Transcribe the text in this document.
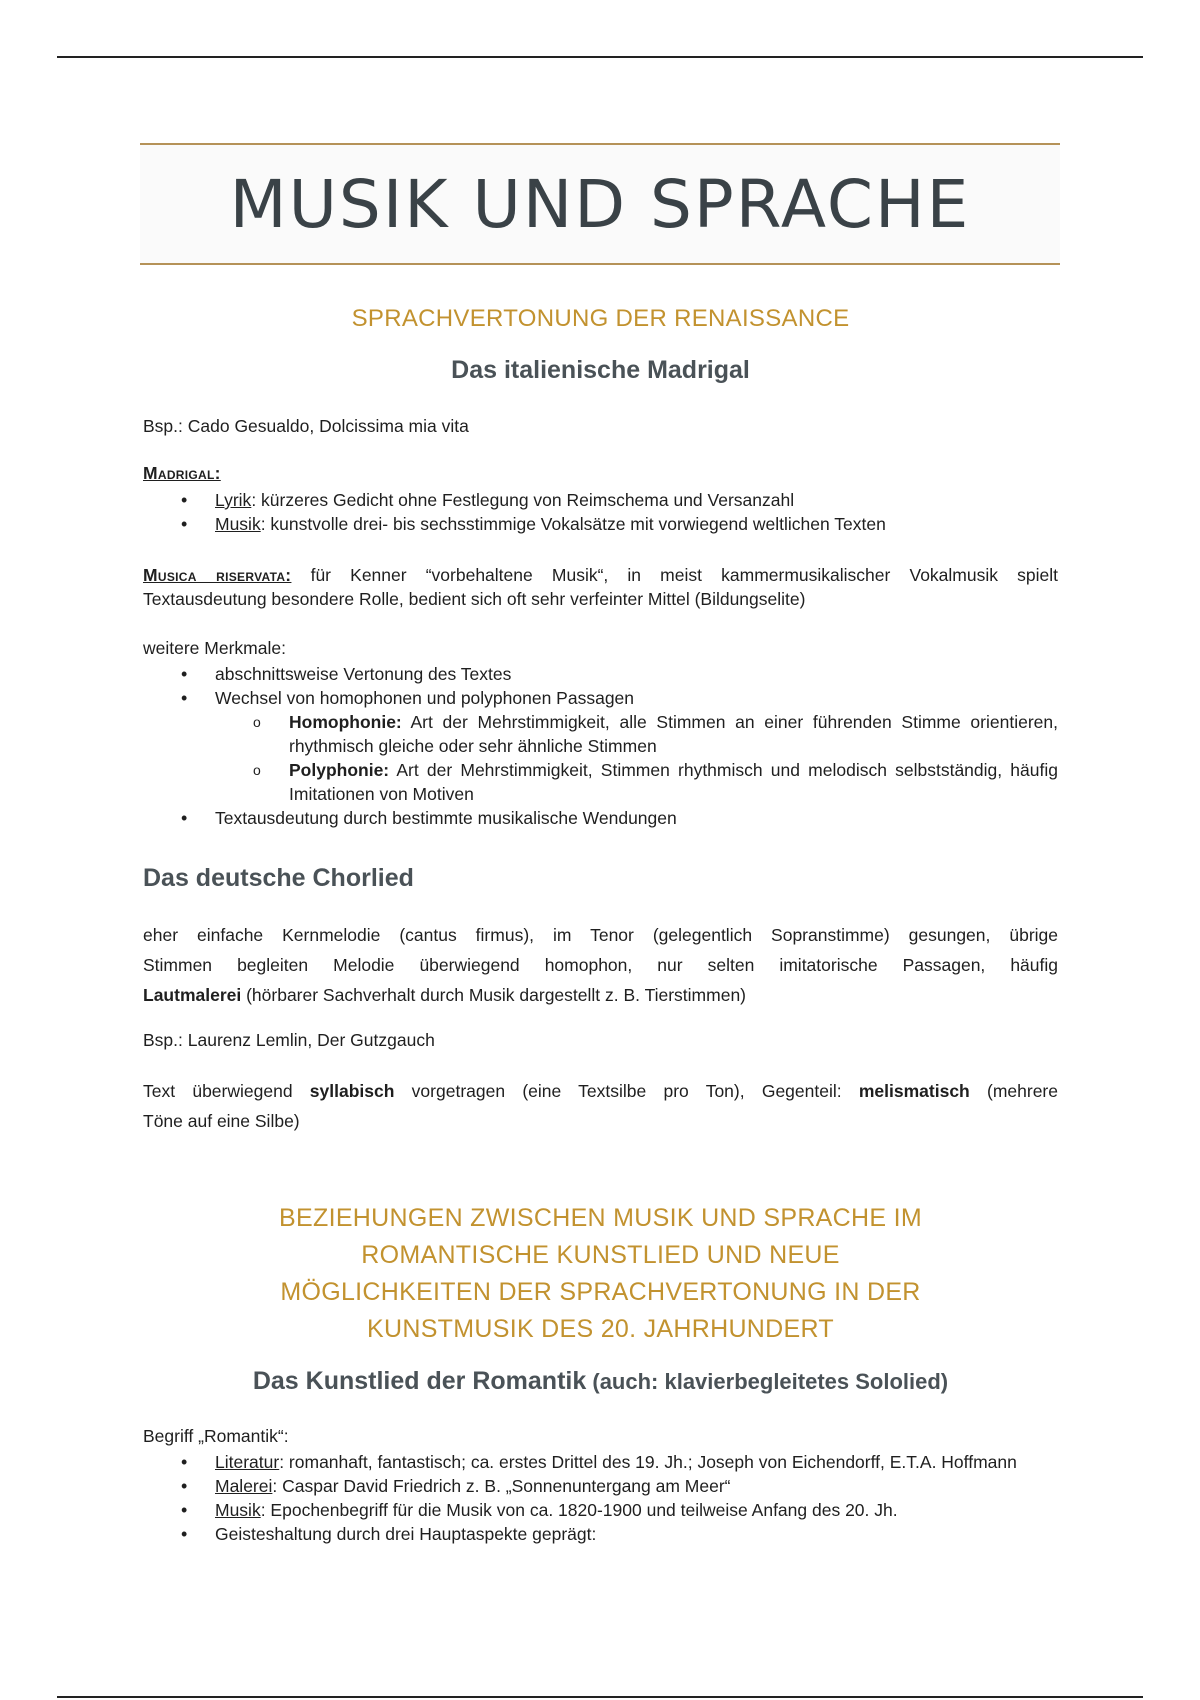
MUSIK UND SPRACHE
SPRACHVERTONUNG DER RENAISSANCE
Das italienische Madrigal
Bsp.: Cado Gesualdo, Dolcissima mia vita
Madrigal:
• Lyrik: kürzeres Gedicht ohne Festlegung von Reimschema und Versanzahl
• Musik: kunstvolle drei- bis sechsstimmige Vokalsätze mit vorwiegend weltlichen Texten
Musica riservata: für Kenner “vorbehaltene Musik“, in meist kammermusikalischer Vokalmusik spielt
Textausdeutung besondere Rolle, bedient sich oft sehr verfeinter Mittel (Bildungselite)
weitere Merkmale:
• abschnittsweise Vertonung des Textes
• Wechsel von homophonen und polyphonen Passagen
o Homophonie: Art der Mehrstimmigkeit, alle Stimmen an einer führenden Stimme orientieren, rhythmisch gleiche oder sehr ähnliche Stimmen
o Polyphonie: Art der Mehrstimmigkeit, Stimmen rhythmisch und melodisch selbstständig, häufig Imitationen von Motiven
• Textausdeutung durch bestimmte musikalische Wendungen
Das deutsche Chorlied
eher einfache Kernmelodie (cantus firmus), im Tenor (gelegentlich Sopranstimme) gesungen, übrige
Stimmen begleiten Melodie überwiegend homophon, nur selten imitatorische Passagen, häufig
Lautmalerei (hörbarer Sachverhalt durch Musik dargestellt z. B. Tierstimmen)
Bsp.: Laurenz Lemlin, Der Gutzgauch
Text überwiegend syllabisch vorgetragen (eine Textsilbe pro Ton), Gegenteil: melismatisch (mehrere
Töne auf eine Silbe)
BEZIEHUNGEN ZWISCHEN MUSIK UND SPRACHE IM
ROMANTISCHE KUNSTLIED UND NEUE
MÖGLICHKEITEN DER SPRACHVERTONUNG IN DER
KUNSTMUSIK DES 20. JAHRHUNDERT
Das Kunstlied der Romantik (auch: klavierbegleitetes Sololied)
Begriff „Romantik“:
• Literatur: romanhaft, fantastisch; ca. erstes Drittel des 19. Jh.; Joseph von Eichendorff, E.T.A. Hoffmann
• Malerei: Caspar David Friedrich z. B. „Sonnenuntergang am Meer“
• Musik: Epochenbegriff für die Musik von ca. 1820-1900 und teilweise Anfang des 20. Jh.
• Geisteshaltung durch drei Hauptaspekte geprägt:
